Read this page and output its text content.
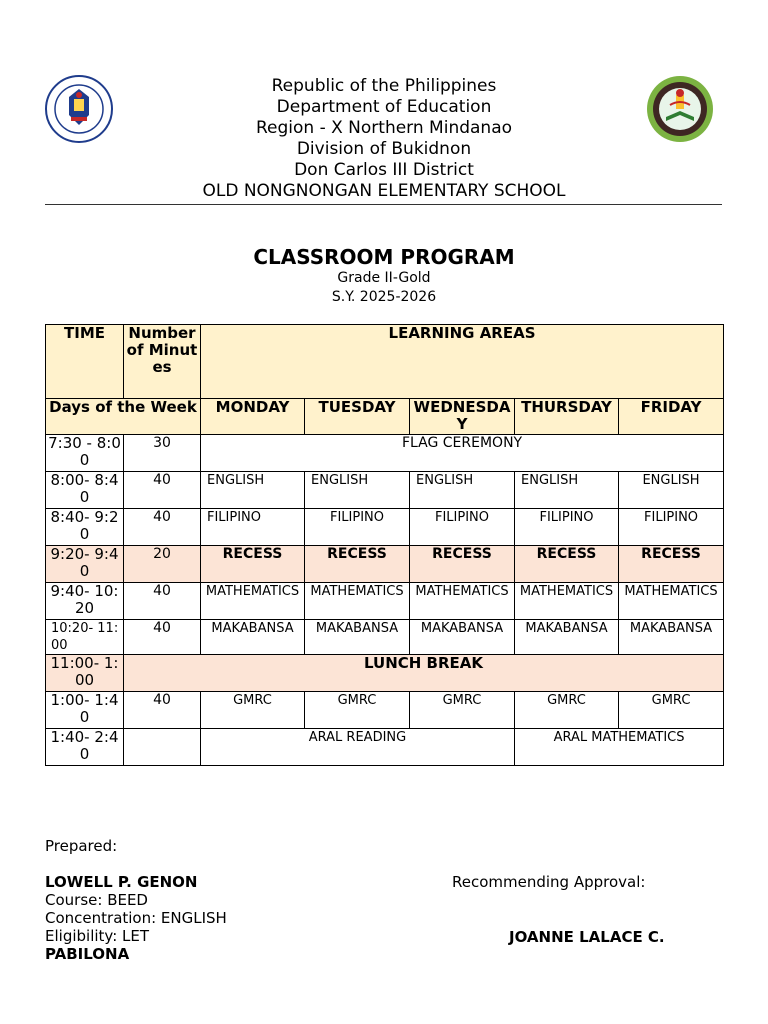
Republic of the Philippines
Department of Education
Region - X Northern Mindanao
Division of Bukidnon
Don Carlos III District
OLD NONGNONGAN ELEMENTARY SCHOOL
CLASSROOM PROGRAM
Grade II-Gold
S.Y. 2025-2026
TIME	Number of Minutes	LEARNING AREAS				
Days of the Week		MONDAY	TUESDAY	WEDNESDAY	THURSDAY	FRIDAY
7:30 - 8:00	30	FLAG CEREMONY				
8:00- 8:40	40	ENGLISH	ENGLISH	ENGLISH	ENGLISH	ENGLISH
8:40- 9:20	40	FILIPINO	FILIPINO	FILIPINO	FILIPINO	FILIPINO
9:20- 9:40	20	RECESS	RECESS	RECESS	RECESS	RECESS
9:40- 10:20	40	MATHEMATICS	MATHEMATICS	MATHEMATICS	MATHEMATICS	MATHEMATICS
10:20- 11:00	40	MAKABANSA	MAKABANSA	MAKABANSA	MAKABANSA	MAKABANSA
11:00- 1:00	LUNCH BREAK					
1:00- 1:40	40	GMRC	GMRC	GMRC	GMRC	GMRC
1:40- 2:40		ARAL READING			ARAL MATHEMATICS	
Prepared:
LOWELL P. GENON
Course: BEED
Concentration: ENGLISH
Eligibility: LET
PABILONA
Recommending Approval:
JOANNE LALACE C.
